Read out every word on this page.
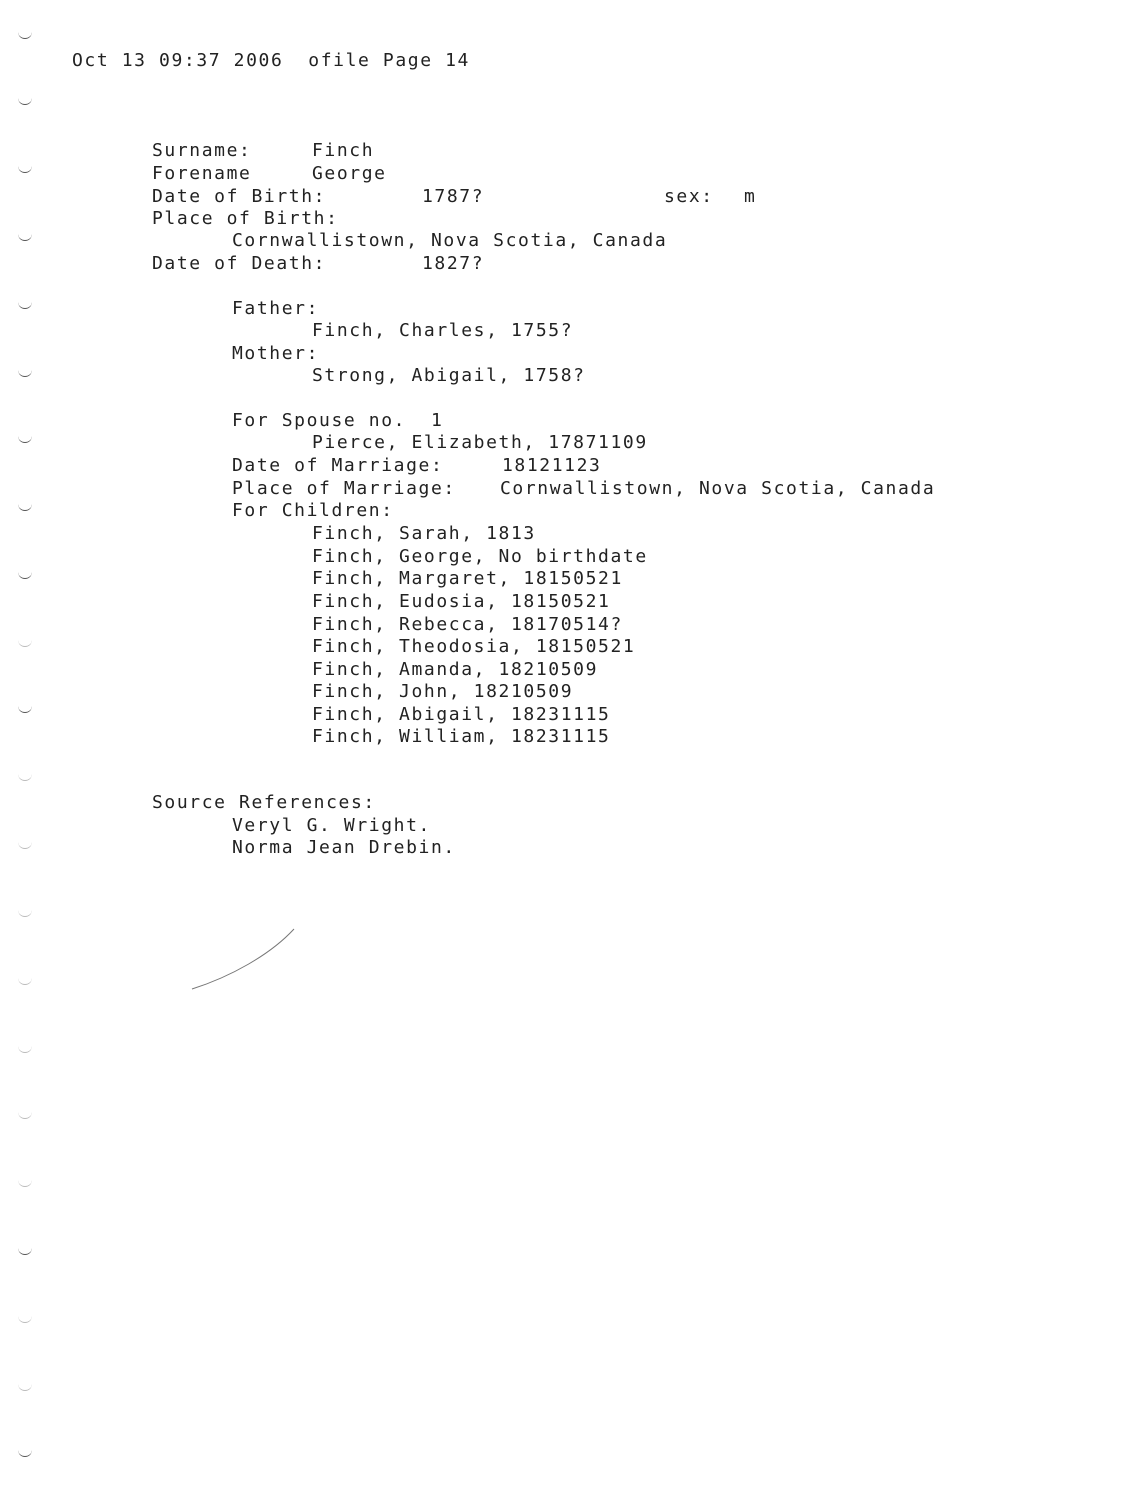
Oct 13 09:37 2006  ofile Page 14
Surname:	Finch
Forename	George
Date of Birth:	1787?	sex: m
Place of Birth:
Cornwallistown, Nova Scotia, Canada
Date of Death:	1827?
Father:
Finch, Charles, 1755?
Mother:
Strong, Abigail, 1758?
For Spouse no.  1
Pierce, Elizabeth, 17871109
Date of Marriage:	18121123
Place of Marriage: Cornwallistown, Nova Scotia, Canada
For Children:
Finch, Sarah, 1813
Finch, George, No birthdate
Finch, Margaret, 18150521
Finch, Eudosia, 18150521
Finch, Rebecca, 18170514?
Finch, Theodosia, 18150521
Finch, Amanda, 18210509
Finch, John, 18210509
Finch, Abigail, 18231115
Finch, William, 18231115
Source References:
Veryl G. Wright.
Norma Jean Drebin.
